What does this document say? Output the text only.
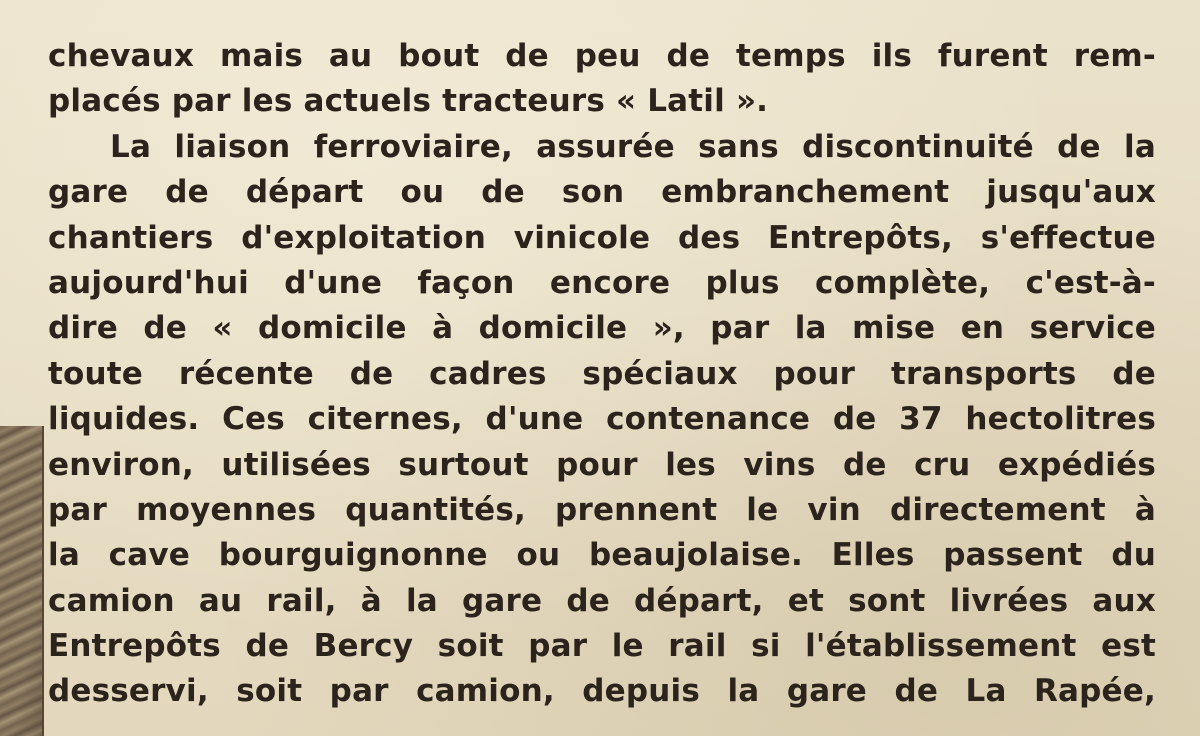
chevaux mais au bout de peu de temps ils furent rem-
placés par les actuels tracteurs « Latil ».
La liaison ferroviaire, assurée sans discontinuité de la
gare de départ ou de son embranchement jusqu'aux
chantiers d'exploitation vinicole des Entrepôts, s'effectue
aujourd'hui d'une façon encore plus complète, c'est-à-
dire de « domicile à domicile », par la mise en service
toute récente de cadres spéciaux pour transports de
liquides. Ces citernes, d'une contenance de 37 hectolitres
environ, utilisées surtout pour les vins de cru expédiés
par moyennes quantités, prennent le vin directement à
la cave bourguignonne ou beaujolaise. Elles passent du
camion au rail, à la gare de départ, et sont livrées aux
Entrepôts de Bercy soit par le rail si l'établissement est
desservi, soit par camion, depuis la gare de La Rapée,
